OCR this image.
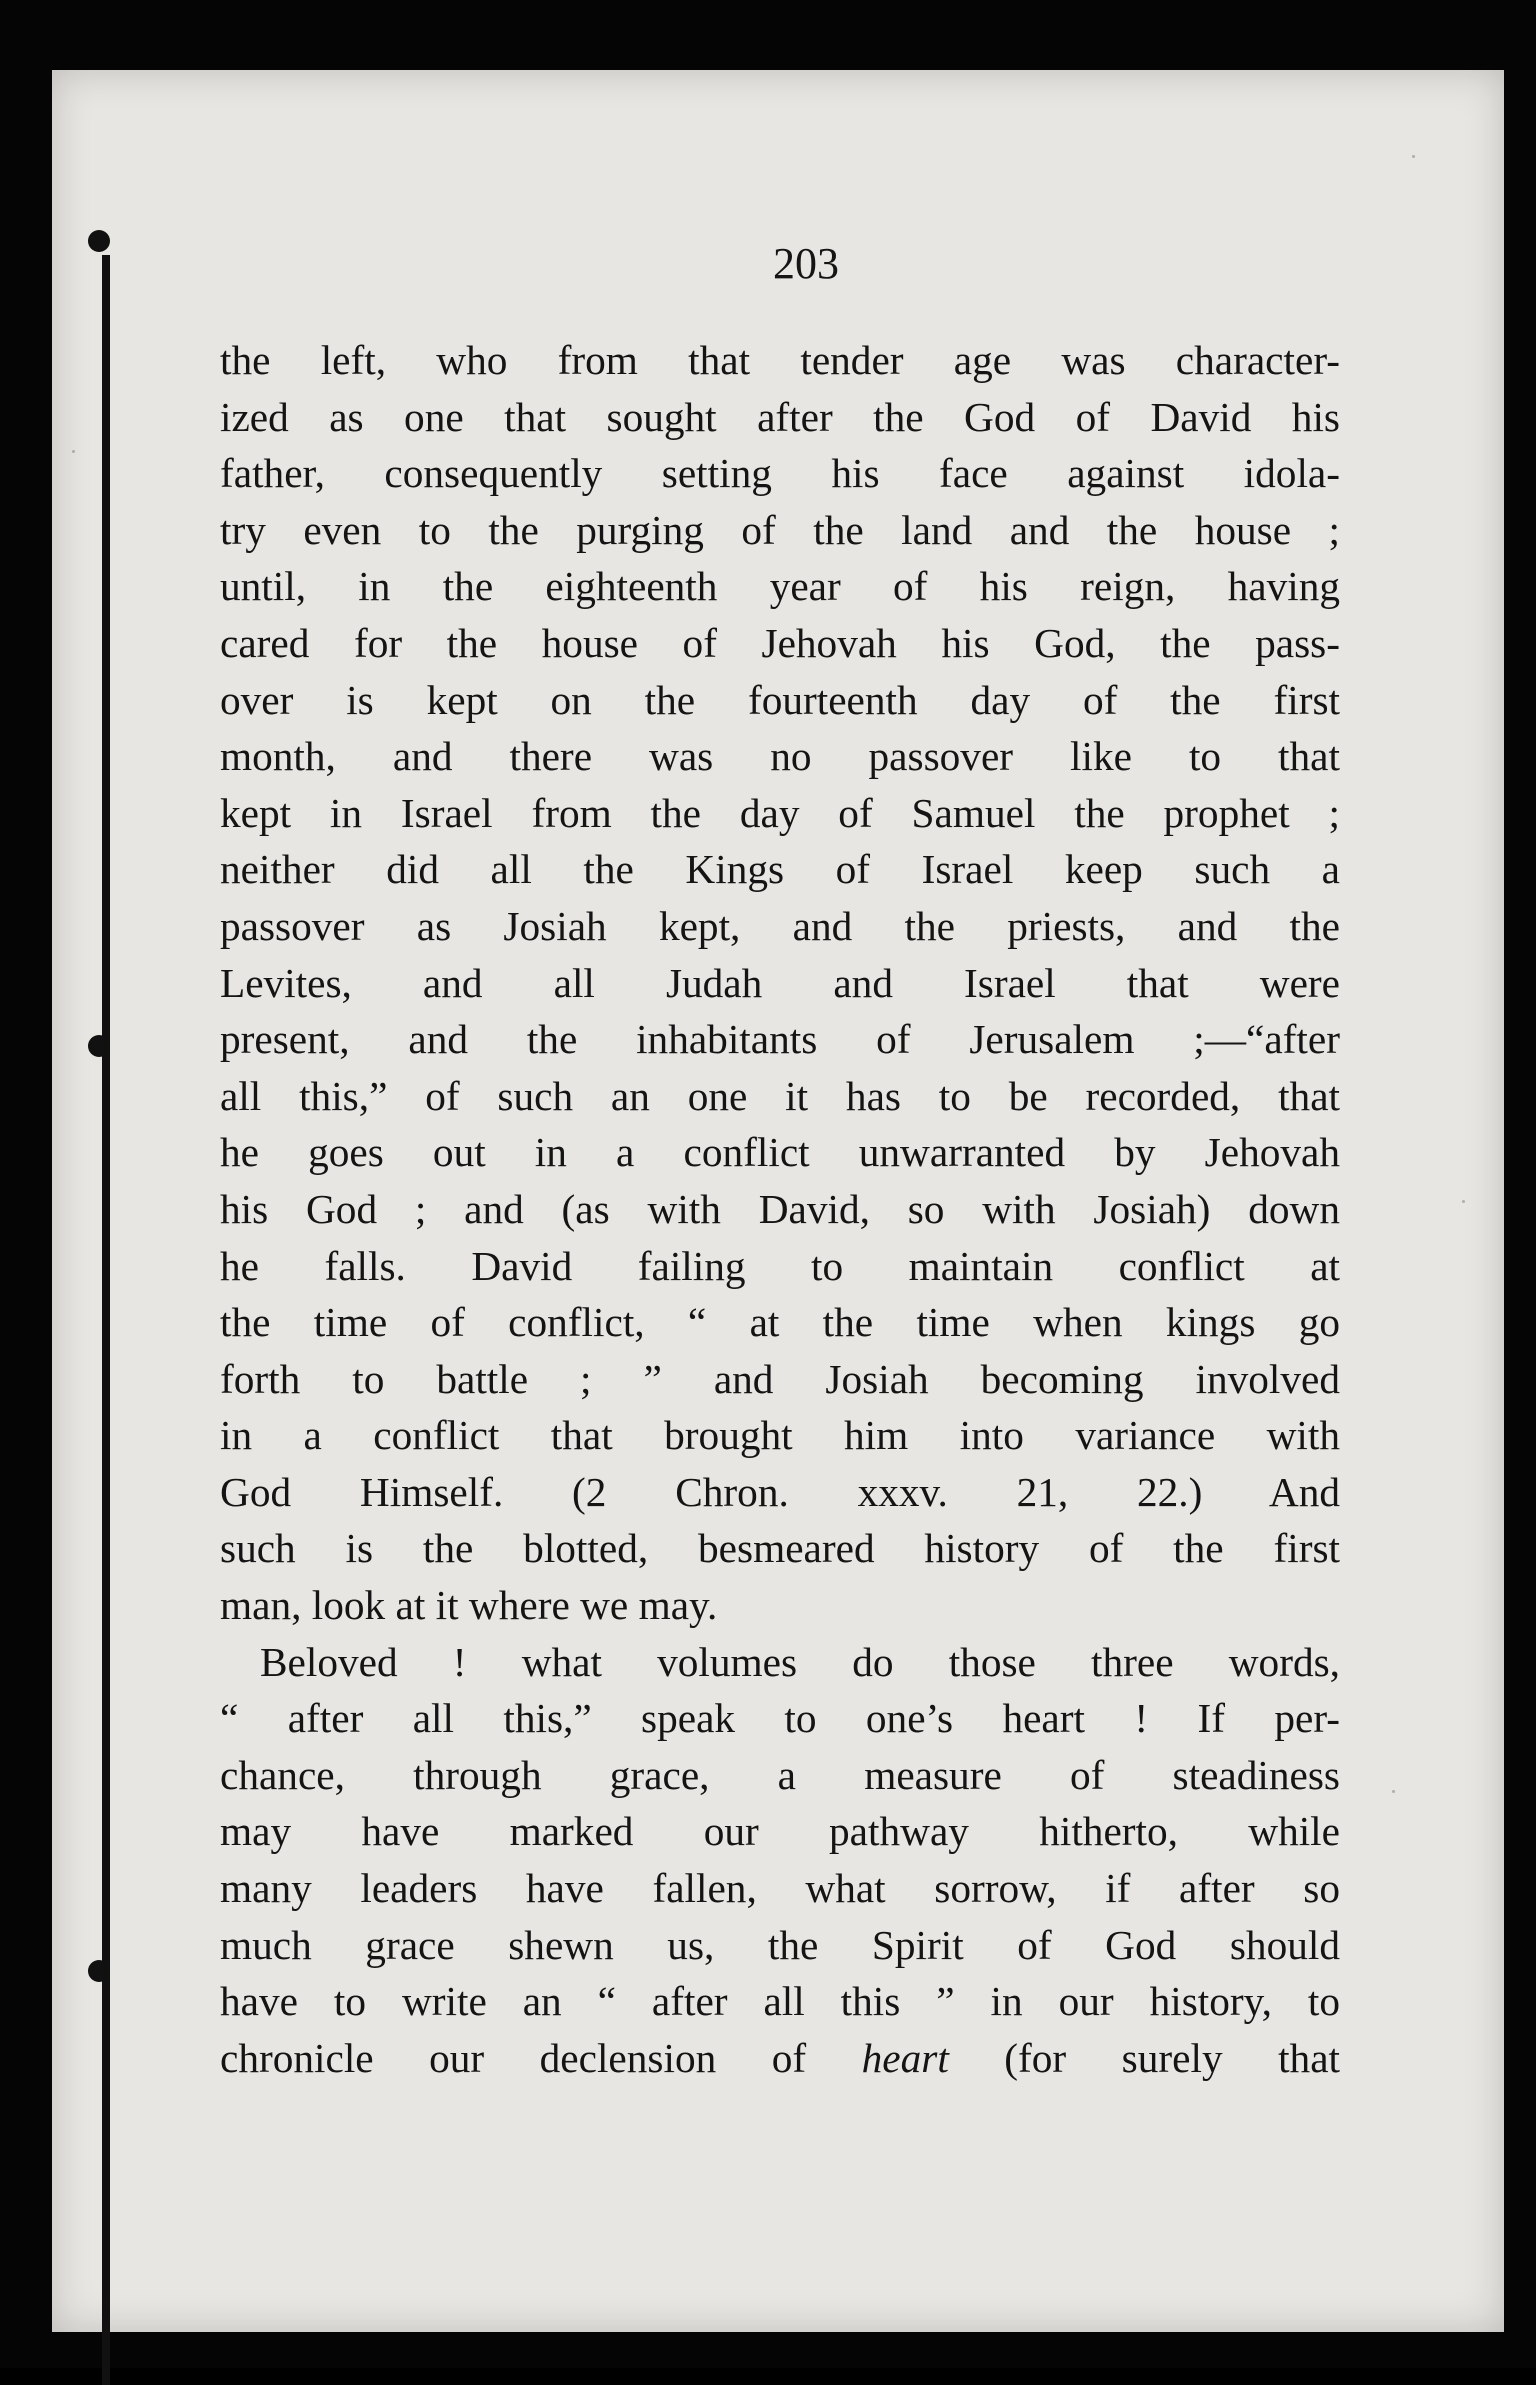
203
the left, who from that tender age was character-
ized as one that sought after the God of David his
father, consequently setting his face against idola-
try even to the purging of the land and the house ;
until, in the eighteenth year of his reign, having
cared for the house of Jehovah his God, the pass-
over is kept on the fourteenth day of the first
month, and there was no passover like to that
kept in Israel from the day of Samuel the prophet ;
neither did all the Kings of Israel keep such a
passover as Josiah kept, and the priests, and the
Levites, and all Judah and Israel that were
present, and the inhabitants of Jerusalem ;—“after
all this,” of such an one it has to be recorded, that
he goes out in a conflict unwarranted by Jehovah
his God ; and (as with David, so with Josiah) down
he falls. David failing to maintain conflict at
the time of conflict, “ at the time when kings go
forth to battle ; ” and Josiah becoming involved
in a conflict that brought him into variance with
God Himself. (2 Chron. xxxv. 21, 22.) And
such is the blotted, besmeared history of the first
man, look at it where we may.
Beloved ! what volumes do those three words,
“ after all this,” speak to one’s heart ! If per-
chance, through grace, a measure of steadiness
may have marked our pathway hitherto, while
many leaders have fallen, what sorrow, if after so
much grace shewn us, the Spirit of God should
have to write an “ after all this ” in our history, to
chronicle our declension of heart (for surely that
